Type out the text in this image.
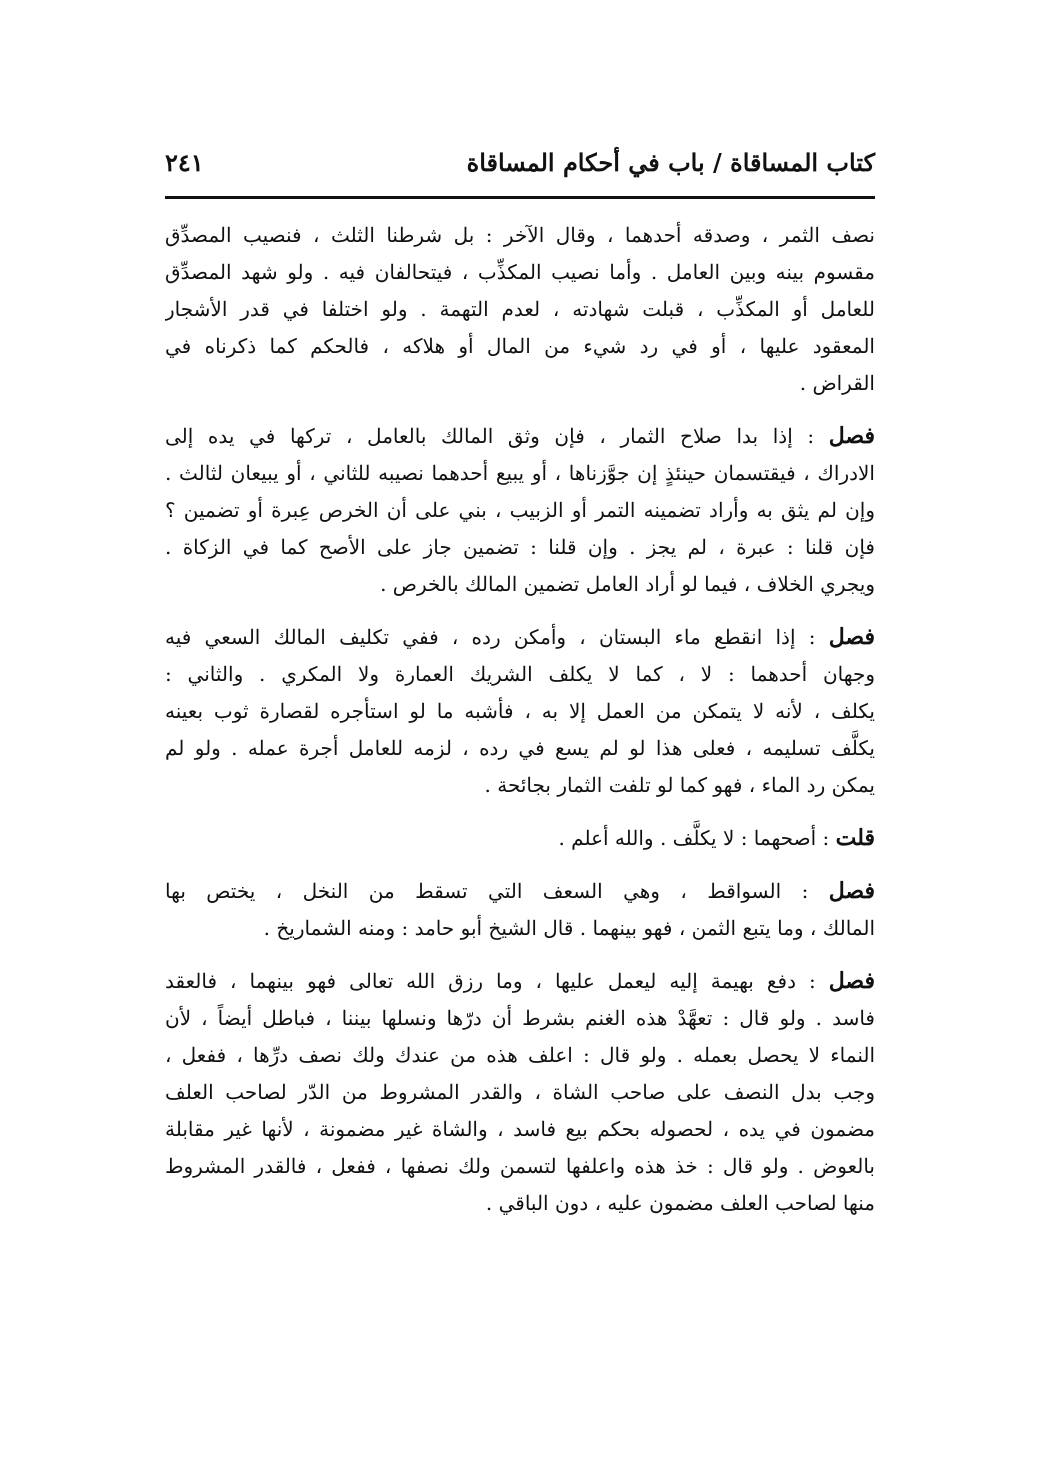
كتاب المساقاة / باب في أحكام المساقاة
٢٤١
نصف الثمر ، وصدقه أحدهما ، وقال الآخر : بل شرطنا الثلث ، فنصيب المصدِّق
مقسوم بينه وبين العامل . وأما نصيب المكذِّب ، فيتحالفان فيه . ولو شهد المصدِّق
للعامل أو المكذِّب ، قبلت شهادته ، لعدم التهمة . ولو اختلفا في قدر الأشجار
المعقود عليها ، أو في رد شيء من المال أو هلاكه ، فالحكم كما ذكرناه في
القراض .
فصل : إذا بدا صلاح الثمار ، فإن وثق المالك بالعامل ، تركها في يده إلى
الادراك ، فيقتسمان حينئذٍ إن جوَّزناها ، أو يبيع أحدهما نصيبه للثاني ، أو يبيعان لثالث .
وإن لم يثق به وأراد تضمينه التمر أو الزبيب ، بني على أن الخرص عِبرة أو تضمين ؟
فإن قلنا : عبرة ، لم يجز . وإن قلنا : تضمين جاز على الأصح كما في الزكاة .
ويجري الخلاف ، فيما لو أراد العامل تضمين المالك بالخرص .
فصل : إذا انقطع ماء البستان ، وأمكن رده ، ففي تكليف المالك السعي فيه
وجهان أحدهما : لا ، كما لا يكلف الشريك العمارة ولا المكري . والثاني :
يكلف ، لأنه لا يتمكن من العمل إلا به ، فأشبه ما لو استأجره لقصارة ثوب بعينه
يكلَّف تسليمه ، فعلى هذا لو لم يسع في رده ، لزمه للعامل أجرة عمله . ولو لم
يمكن رد الماء ، فهو كما لو تلفت الثمار بجائحة .
قلت : أصحهما : لا يكلَّف . والله أعلم .
فصل : السواقط ، وهي السعف التي تسقط من النخل ، يختص بها
المالك ، وما يتبع الثمن ، فهو بينهما . قال الشيخ أبو حامد : ومنه الشماريخ .
فصل : دفع بهيمة إليه ليعمل عليها ، وما رزق الله تعالى فهو بينهما ، فالعقد
فاسد . ولو قال : تعهَّدْ هذه الغنم بشرط أن درّها ونسلها بيننا ، فباطل أيضاً ، لأن
النماء لا يحصل بعمله . ولو قال : اعلف هذه من عندك ولك نصف درِّها ، ففعل ،
وجب بدل النصف على صاحب الشاة ، والقدر المشروط من الدّر لصاحب العلف
مضمون في يده ، لحصوله بحكم بيع فاسد ، والشاة غير مضمونة ، لأنها غير مقابلة
بالعوض . ولو قال : خذ هذه واعلفها لتسمن ولك نصفها ، ففعل ، فالقدر المشروط
منها لصاحب العلف مضمون عليه ، دون الباقي .
